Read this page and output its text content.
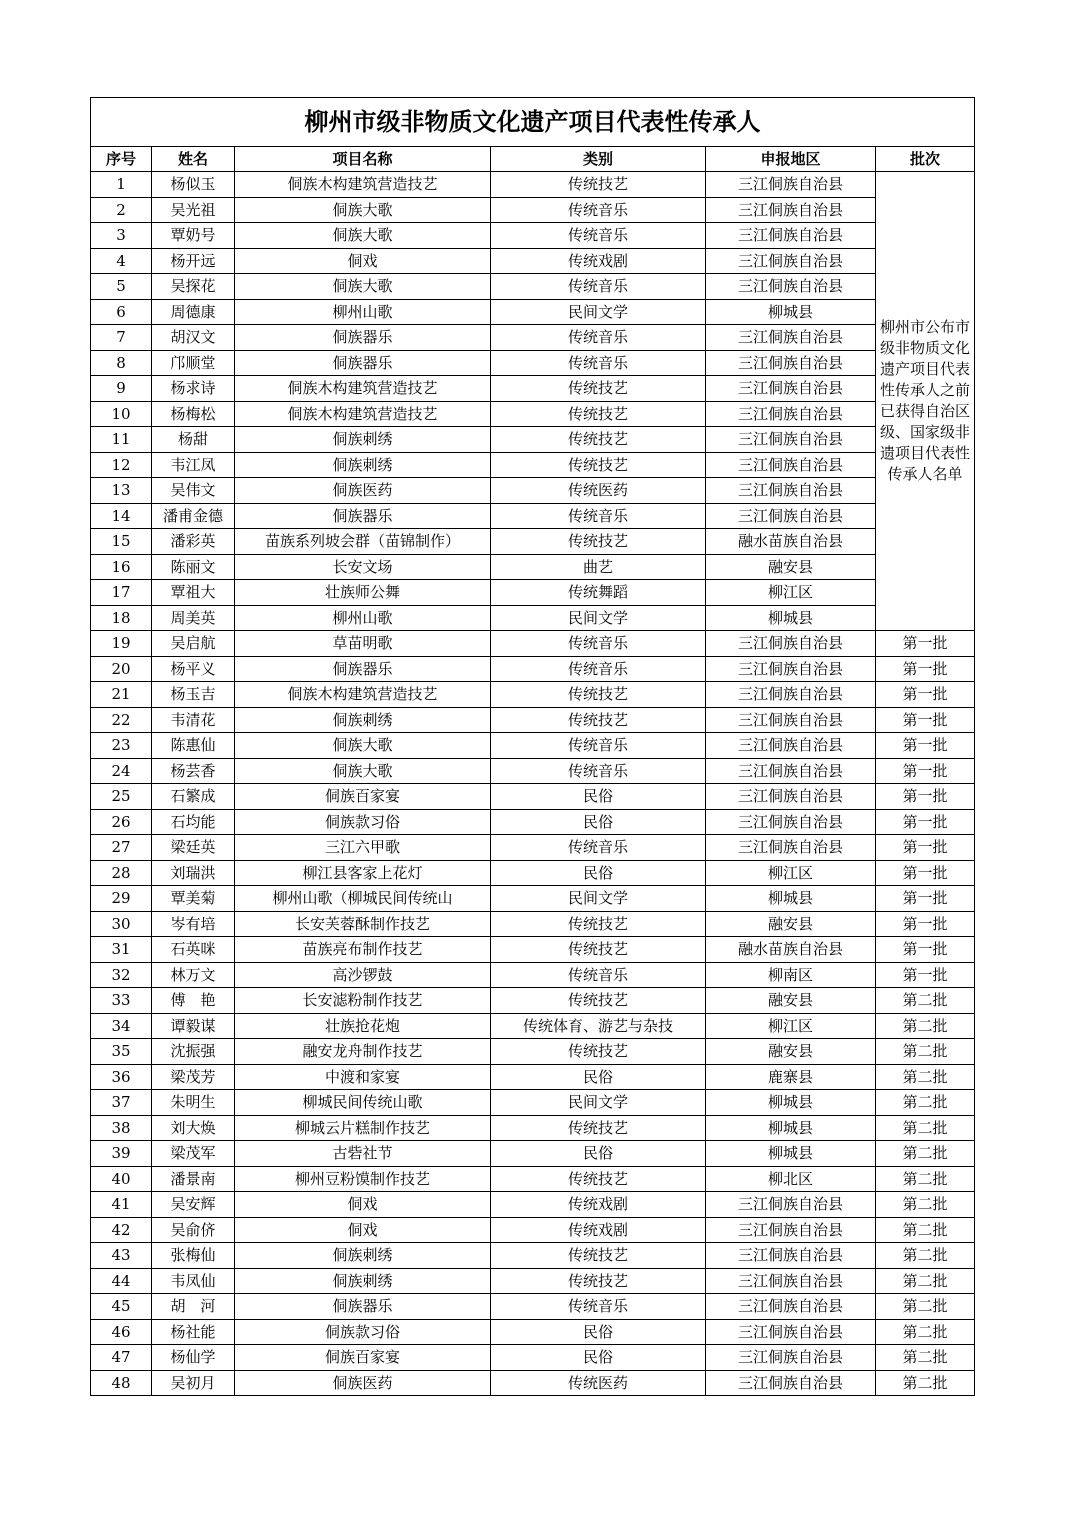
柳州市级非物质文化遗产项目代表性传承人					
序号	姓名	项目名称	类别	申报地区	批次
1	杨似玉	侗族木构建筑营造技艺	传统技艺	三江侗族自治县	柳州市公布市级非物质文化遗产项目代表性传承人之前已获得自治区级、国家级非遗项目代表性传承人名单
2	吴光祖	侗族大歌	传统音乐	三江侗族自治县	
3	覃奶号	侗族大歌	传统音乐	三江侗族自治县	
4	杨开远	侗戏	传统戏剧	三江侗族自治县	
5	吴探花	侗族大歌	传统音乐	三江侗族自治县	
6	周德康	柳州山歌	民间文学	柳城县	
7	胡汉文	侗族器乐	传统音乐	三江侗族自治县	
8	邝顺堂	侗族器乐	传统音乐	三江侗族自治县	
9	杨求诗	侗族木构建筑营造技艺	传统技艺	三江侗族自治县	
10	杨梅松	侗族木构建筑营造技艺	传统技艺	三江侗族自治县	
11	杨甜	侗族刺绣	传统技艺	三江侗族自治县	
12	韦江凤	侗族刺绣	传统技艺	三江侗族自治县	
13	吴伟文	侗族医药	传统医药	三江侗族自治县	
14	潘甫金德	侗族器乐	传统音乐	三江侗族自治县	
15	潘彩英	苗族系列坡会群（苗锦制作）	传统技艺	融水苗族自治县	
16	陈丽文	长安文场	曲艺	融安县	
17	覃祖大	壮族师公舞	传统舞蹈	柳江区	
18	周美英	柳州山歌	民间文学	柳城县	
19	吴启航	草苗明歌	传统音乐	三江侗族自治县	第一批
20	杨平义	侗族器乐	传统音乐	三江侗族自治县	第一批
21	杨玉吉	侗族木构建筑营造技艺	传统技艺	三江侗族自治县	第一批
22	韦清花	侗族刺绣	传统技艺	三江侗族自治县	第一批
23	陈惠仙	侗族大歌	传统音乐	三江侗族自治县	第一批
24	杨芸香	侗族大歌	传统音乐	三江侗族自治县	第一批
25	石繁成	侗族百家宴	民俗	三江侗族自治县	第一批
26	石均能	侗族款习俗	民俗	三江侗族自治县	第一批
27	梁廷英	三江六甲歌	传统音乐	三江侗族自治县	第一批
28	刘瑞洪	柳江县客家上花灯	民俗	柳江区	第一批
29	覃美菊	柳州山歌（柳城民间传统山	民间文学	柳城县	第一批
30	岑有培	长安芙蓉酥制作技艺	传统技艺	融安县	第一批
31	石英咪	苗族亮布制作技艺	传统技艺	融水苗族自治县	第一批
32	林万文	高沙锣鼓	传统音乐	柳南区	第一批
33	傅　艳	长安滤粉制作技艺	传统技艺	融安县	第二批
34	谭毅谋	壮族抢花炮	传统体育、游艺与杂技	柳江区	第二批
35	沈振强	融安龙舟制作技艺	传统技艺	融安县	第二批
36	梁茂芳	中渡和家宴	民俗	鹿寨县	第二批
37	朱明生	柳城民间传统山歌	民间文学	柳城县	第二批
38	刘大焕	柳城云片糕制作技艺	传统技艺	柳城县	第二批
39	梁茂军	古砦社节	民俗	柳城县	第二批
40	潘景南	柳州豆粉馍制作技艺	传统技艺	柳北区	第二批
41	吴安辉	侗戏	传统戏剧	三江侗族自治县	第二批
42	吴俞侪	侗戏	传统戏剧	三江侗族自治县	第二批
43	张梅仙	侗族刺绣	传统技艺	三江侗族自治县	第二批
44	韦凤仙	侗族刺绣	传统技艺	三江侗族自治县	第二批
45	胡　河	侗族器乐	传统音乐	三江侗族自治县	第二批
46	杨社能	侗族款习俗	民俗	三江侗族自治县	第二批
47	杨仙学	侗族百家宴	民俗	三江侗族自治县	第二批
48	吴初月	侗族医药	传统医药	三江侗族自治县	第二批
